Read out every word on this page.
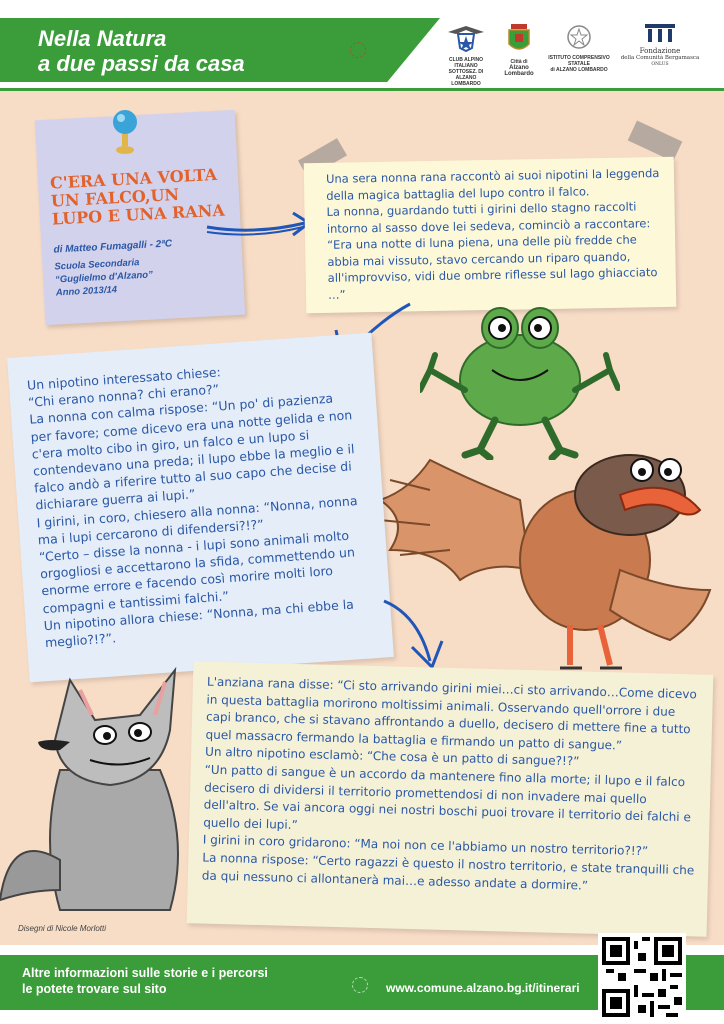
Nella Natura
a due passi da casa	CLUB ALPINO ITALIANO SOTTOSEZ. DI ALZANO LOMBARDO
Città di
Alzano Lombardo
ISTITUTO COMPRENSIVO STATALE
di ALZANO LOMBARDO
Fondazione
della Comunità Bergamasca
ONLUS
C'ERA UNA VOLTA UN FALCO,UN LUPO E UNA RANA
di Matteo Fumagalli - 2ªC
Scuola Secondaria
“Guglielmo d'Alzano”
Anno 2013/14

Una sera nonna rana raccontò ai suoi nipotini la leggenda della magica battaglia del lupo contro il falco.
La nonna, guardando tutti i girini dello stagno raccolti intorno al sasso dove lei sedeva, cominciò a raccontare: “Era una notte di luna piena, una delle più fredde che abbia mai vissuto, stavo cercando un riparo quando, all'improvviso, vidi due ombre riflesse sul lago ghiacciato …”

Un nipotino interessato chiese:
“Chi erano nonna? chi erano?”
La nonna con calma rispose: “Un po' di pazienza per favore; come dicevo era una notte gelida e non c'era molto cibo in giro, un falco e un lupo si contendevano una preda; il lupo ebbe la meglio e il falco andò a riferire tutto al suo capo che decise di dichiarare guerra ai lupi.”
I girini, in coro, chiesero alla nonna: “Nonna, nonna ma i lupi cercarono di difendersi?!?”
“Certo – disse la nonna - i lupi sono animali molto orgogliosi e accettarono la sfida, commettendo un enorme errore e facendo così morire molti loro compagni e tantissimi falchi.”
Un nipotino allora chiese: “Nonna, ma chi ebbe la meglio?!?”.

L'anziana rana disse: “Ci sto arrivando girini miei…ci sto arrivando…Come dicevo in questa battaglia morirono moltissimi animali. Osservando quell'orrore i due capi branco, che si stavano affrontando a duello, decisero di mettere fine a tutto quel massacro fermando la battaglia e firmando un patto di sangue.”
Un altro nipotino esclamò: “Che cosa è un patto di sangue?!?”
“Un patto di sangue è un accordo da mantenere fino alla morte; il lupo e il falco decisero di dividersi il territorio promettendosi di non invadere mai quello dell'altro. Se vai ancora oggi nei nostri boschi puoi trovare il territorio dei falchi e quello dei lupi.”
I girini in coro gridarono: “Ma noi non ce l'abbiamo un nostro territorio?!?”
La nonna rispose: “Certo ragazzi è questo il nostro territorio, e state tranquilli che da qui nessuno ci allontanerà mai…e adesso andate a dormire.”

Disegni di Nicole Morlotti
Altre informazioni sulle storie e i percorsi
le potete trovare sul sito	www.comune.alzano.bg.it/itinerari
